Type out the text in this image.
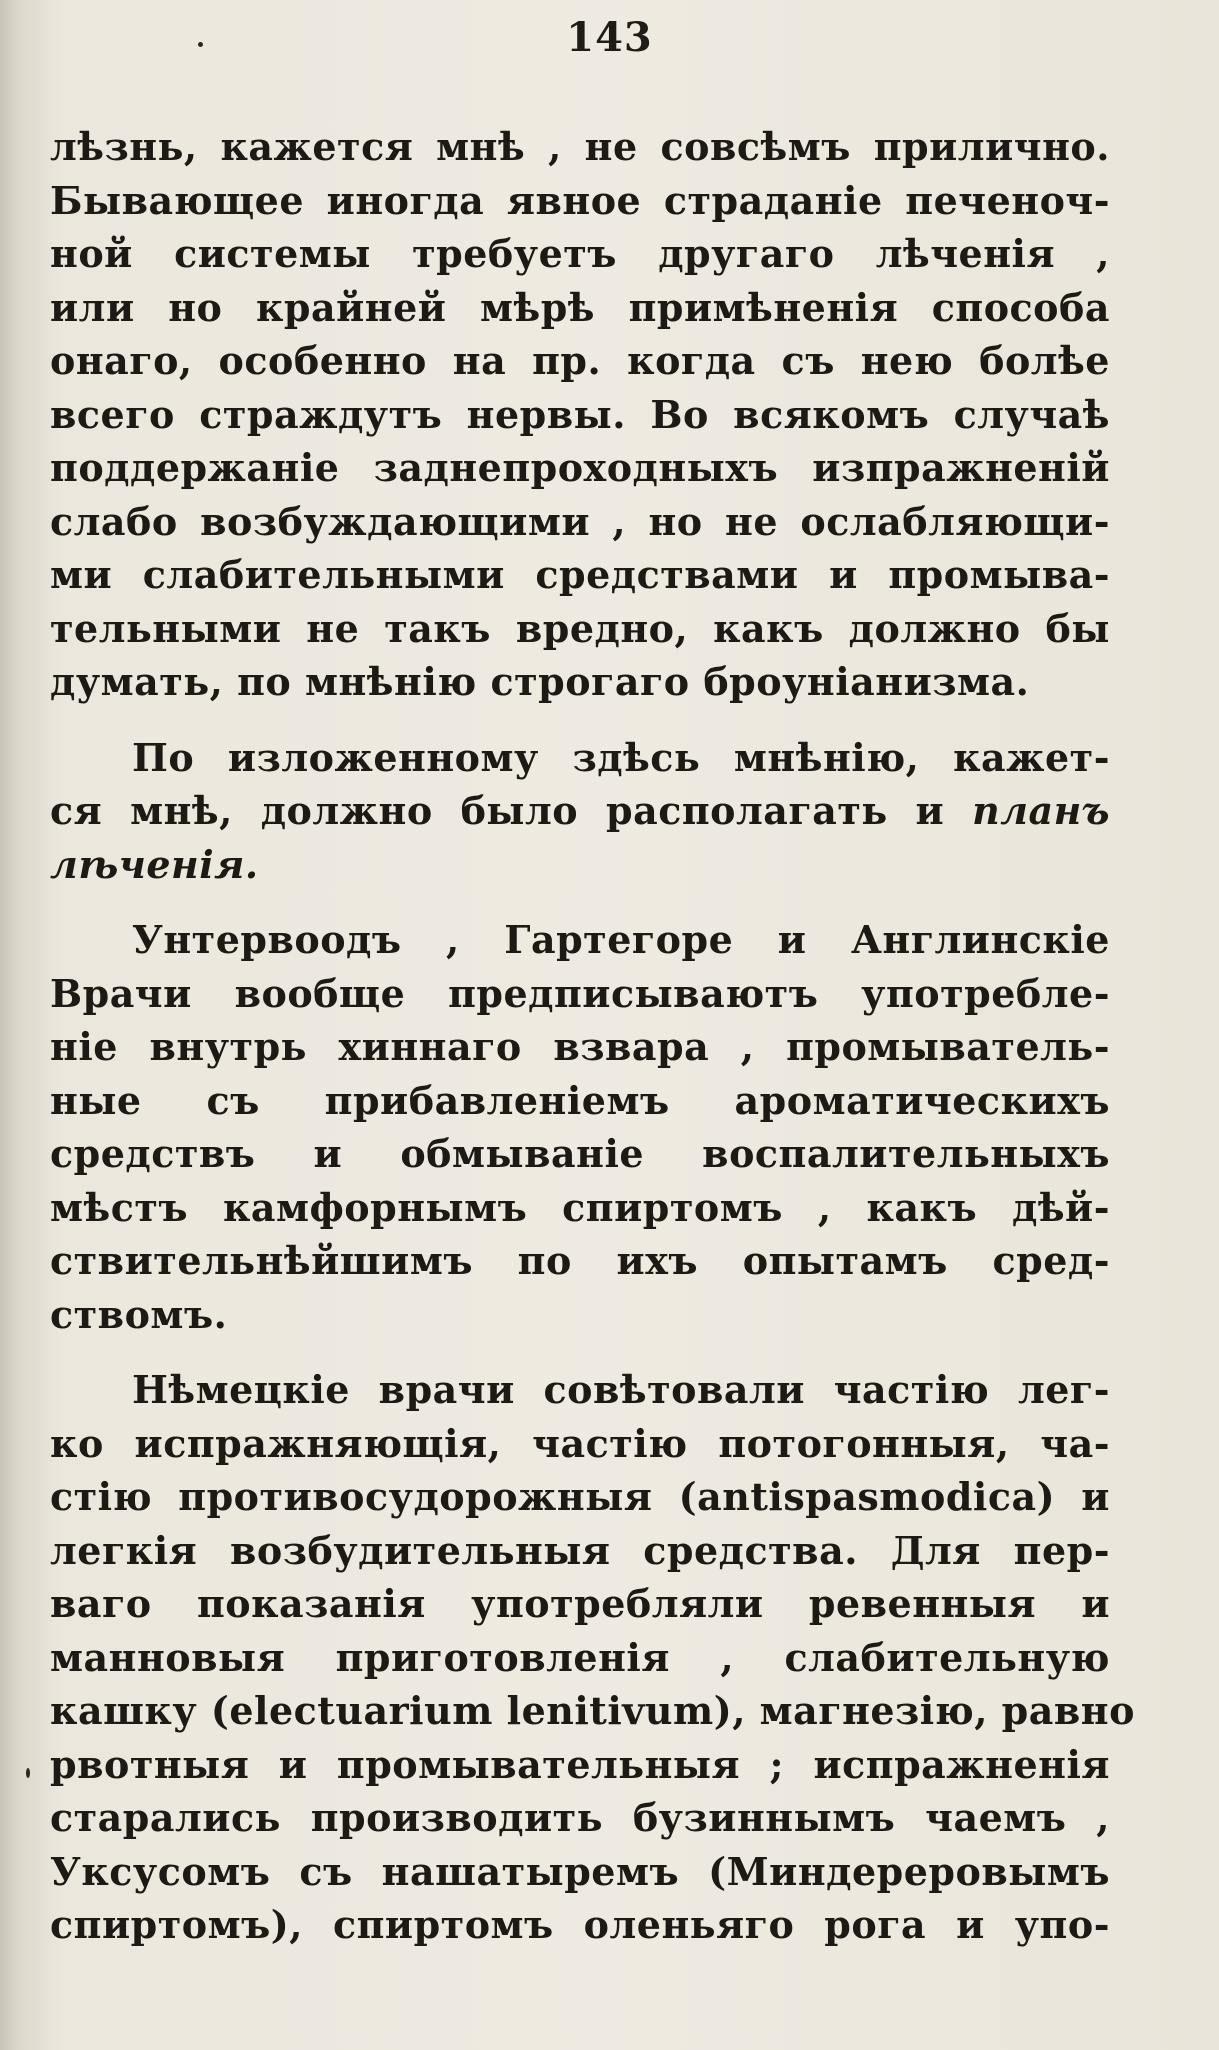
143
лѣзнь, кажется мнѣ , не совсѣмъ прилично.
Бывающее иногда явное страданіе печеноч-
ной системы требуетъ другаго лѣченія ,
или но крайней мѣрѣ примѣненія способа
онаго, особенно на пр. когда съ нею болѣе
всего страждутъ нервы. Во всякомъ случаѣ
поддержаніе заднепроходныхъ изпражненій
слабо возбуждающими , но не ослабляющи-
ми слабительными средствами и промыва-
тельными не такъ вредно, какъ должно бы
думать, по мнѣнію строгаго броуніанизма.
По изложенному здѣсь мнѣнію, кажет-
ся мнѣ, должно было располагать и планъ
лѣченія.
Унтервоодъ , Гартегоре и Англинскіе
Врачи вообще предписываютъ употребле-
ніе внутрь хиннаго взвара , промыватель-
ные съ прибавленіемъ ароматическихъ
средствъ и обмываніе воспалительныхъ
мѣстъ камфорнымъ спиртомъ , какъ дѣй-
ствительнѣйшимъ по ихъ опытамъ сред-
ствомъ.
Нѣмецкіе врачи совѣтовали частію лег-
ко испражняющія, частію потогонныя, ча-
стію противосудорожныя (antispasmodica) и
легкія возбудительныя средства. Для пер-
ваго показанія употребляли ревенныя и
манновыя приготовленія , слабительную
кашку (electuarium lenitivum), магнезію, равно
рвотныя и промывательныя ; испражненія
старались производить бузиннымъ чаемъ ,
Уксусомъ съ нашатыремъ (Миндереровымъ
спиртомъ), спиртомъ оленьяго рога и упо-
